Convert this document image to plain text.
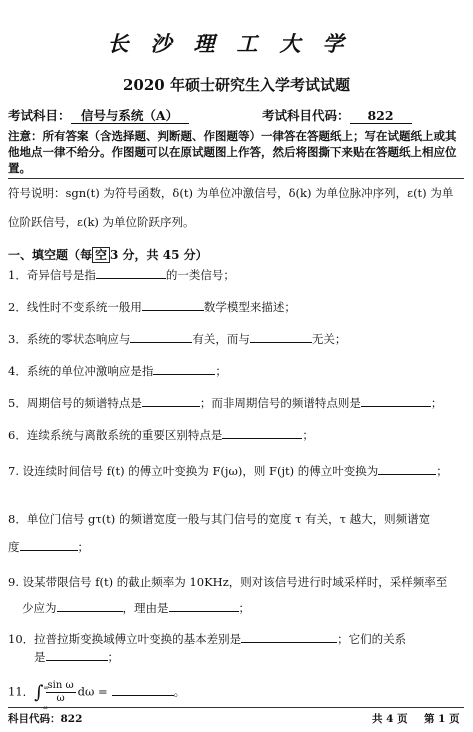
长沙理工大学
2020 年硕士研究生入学考试试题
考试科目： 信号与系统（A）	考试科目代码： 822
注意：所有答案（含选择题、判断题、作图题等）一律答在答题纸上；写在试题纸上或其他地点一律不给分。作图题可以在原试题图上作答，然后将图撕下来贴在答题纸上相应位置。
符号说明：sgn(t) 为符号函数，δ(t) 为单位冲激信号，δ(k) 为单位脉冲序列，ε(t) 为单
位阶跃信号，ε(k) 为单位阶跃序列。
一、填空题（每 空 3 分，共 45 分）
1．奇异信号是指	的一类信号；
2．线性时不变系统一般用	数学模型来描述；
3．系统的零状态响应与	有关，而与	无关；
4．系统的单位冲激响应是指	；
5．周期信号的频谱特点是	；而非周期信号的频谱特点则是	；
6．连续系统与离散系统的重要区别特点是	；
7. 设连续时间信号 f(t) 的傅立叶变换为 F(jω)，则 F(jt) 的傅立叶变换为	；
8．单位门信号 gτ(t) 的频谱宽度一般与其门信号的宽度 τ 有关，τ 越大，则频谱宽
度	；
9. 设某带限信号 f(t) 的截止频率为 10KHz，则对该信号进行时域采样时，采样频率至
少应为	，理由是	；
10．拉普拉斯变换域傅立叶变换的基本差别是	；它们的关系
是	；
11．∫ ∞
-∞
$\frac{\text{sin ω}}{\omega}$ dω =	。
科目代码：822	共 4 页 第 1 页
